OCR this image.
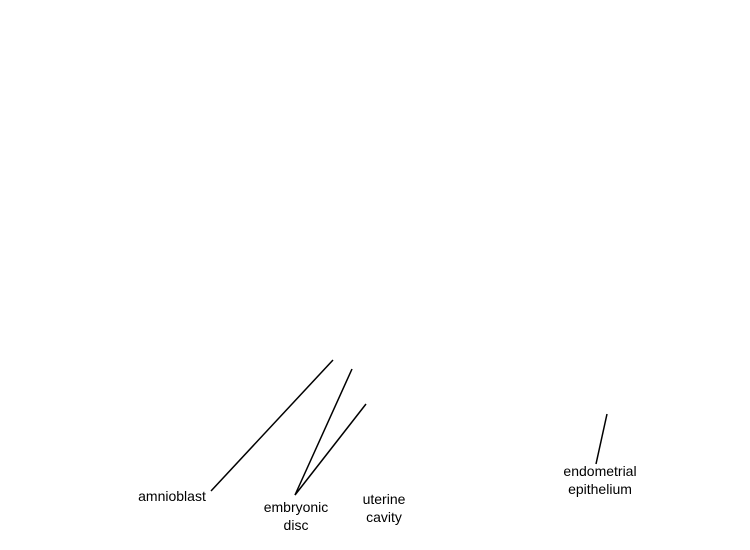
amnioblast
embryonic
disc
uterine
cavity
endometrial
epithelium
